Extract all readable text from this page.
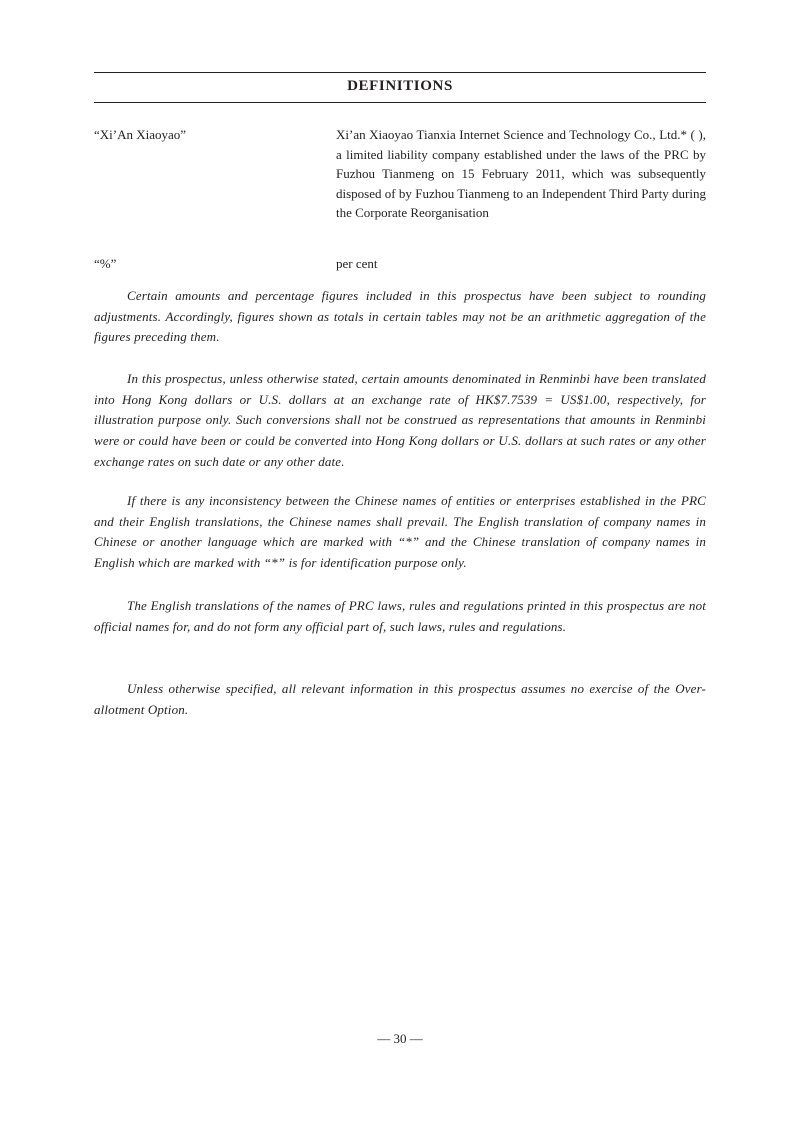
DEFINITIONS
“Xi’An Xiaoyao”	Xi’an Xiaoyao Tianxia Internet Science and Technology Co., Ltd.* ( ), a limited liability company established under the laws of the PRC by Fuzhou Tianmeng on 15 February 2011, which was subsequently disposed of by Fuzhou Tianmeng to an Independent Third Party during the Corporate Reorganisation
“%”	per cent
Certain amounts and percentage figures included in this prospectus have been subject to rounding adjustments. Accordingly, figures shown as totals in certain tables may not be an arithmetic aggregation of the figures preceding them.
In this prospectus, unless otherwise stated, certain amounts denominated in Renminbi have been translated into Hong Kong dollars or U.S. dollars at an exchange rate of HK$7.7539 = US$1.00, respectively, for illustration purpose only. Such conversions shall not be construed as representations that amounts in Renminbi were or could have been or could be converted into Hong Kong dollars or U.S. dollars at such rates or any other exchange rates on such date or any other date.
If there is any inconsistency between the Chinese names of entities or enterprises established in the PRC and their English translations, the Chinese names shall prevail. The English translation of company names in Chinese or another language which are marked with “*” and the Chinese translation of company names in English which are marked with “*” is for identification purpose only.
The English translations of the names of PRC laws, rules and regulations printed in this prospectus are not official names for, and do not form any official part of, such laws, rules and regulations.
Unless otherwise specified, all relevant information in this prospectus assumes no exercise of the Over-allotment Option.
— 30 —
